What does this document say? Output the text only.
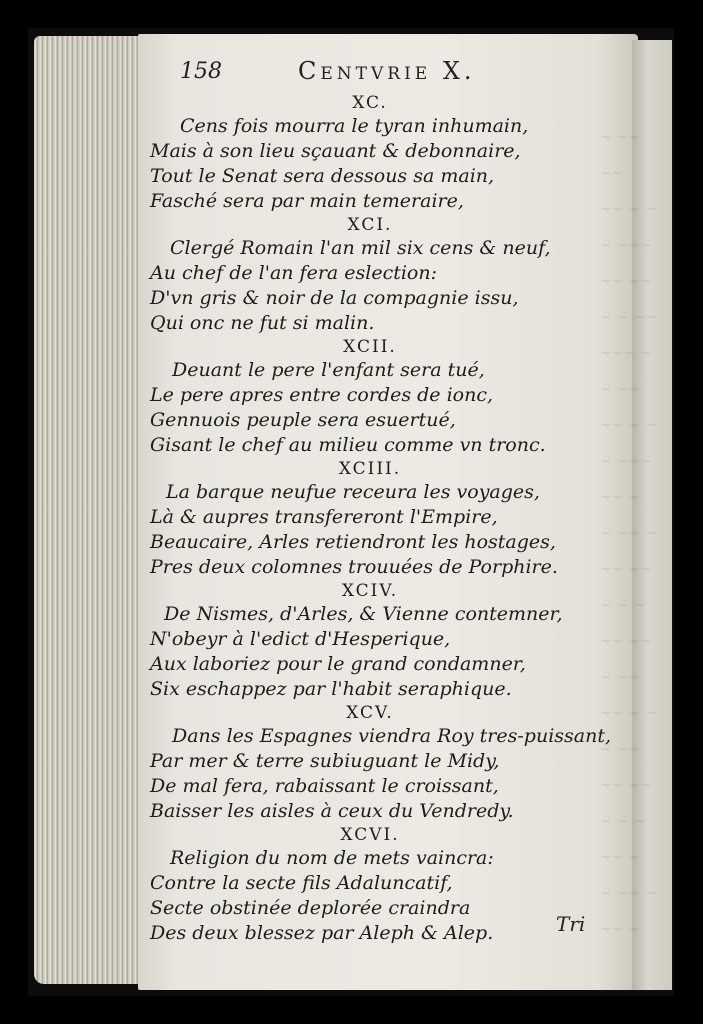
~ ~~ ~~
~~ ~ ~
~ ~~~
~~ ~~
~ ~ ~~
~~~ ~
~ ~~
~~ ~ ~
~ ~~~
~~ ~
~ ~~ ~
~~ ~~
~ ~ ~
~~ ~~
~ ~~
~~ ~ ~
~ ~~
~~ ~~
~ ~ ~
~~ ~
~ ~~ ~
~~ ~
158	Centvrie X.

XC.

Cens fois mourra le tyran inhumain,

Mais à son lieu sçauant & debonnaire,

Tout le Senat sera dessous sa main,

Fasché sera par main temeraire,

XCI.

Clergé Romain l'an mil six cens & neuf,

Au chef de l'an fera eslection:

D'vn gris & noir de la compagnie issu,

Qui onc ne fut si malin.

XCII.

Deuant le pere l'enfant sera tué,

Le pere apres entre cordes de ionc,

Gennuois peuple sera esuertué,

Gisant le chef au milieu comme vn tronc.

XCIII.

La barque neufue receura les voyages,

Là & aupres transfereront l'Empire,

Beaucaire, Arles retiendront les hostages,

Pres deux colomnes trouuées de Porphire.

XCIV.

De Nismes, d'Arles, & Vienne contemner,

N'obeyr à l'edict d'Hesperique,

Aux laboriez pour le grand condamner,

Six eschappez par l'habit seraphique.

XCV.

Dans les Espagnes viendra Roy tres-puissant,

Par mer & terre subiuguant le Midy,

De mal fera, rabaissant le croissant,

Baisser les aisles à ceux du Vendredy.

XCVI.

Religion du nom de mets vaincra:

Contre la secte fils Adaluncatif,

Secte obstinée deplorée craindra

Des deux blessez par Aleph & Alep.	Tri
